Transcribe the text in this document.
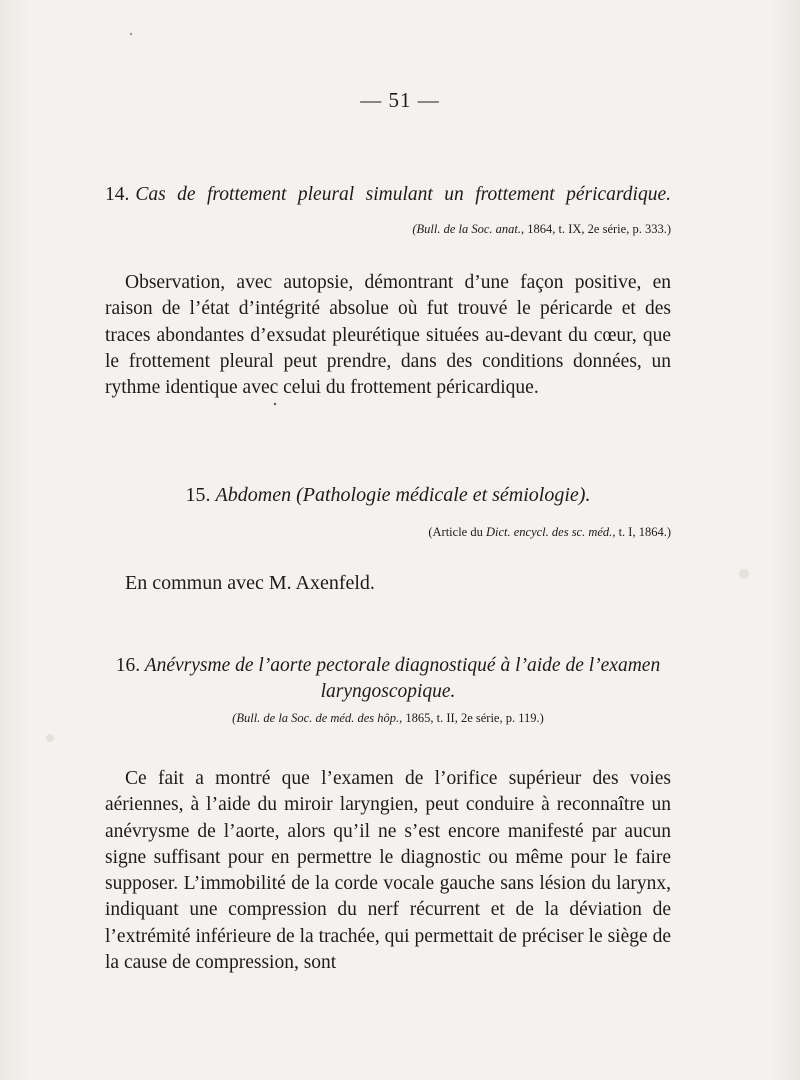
— 51 —
14. Cas de frottement pleural simulant un frottement péricardique.
(Bull. de la Soc. anat., 1864, t. IX, 2e série, p. 333.)
Observation, avec autopsie, démontrant d’une façon positive, en raison de l’état d’intégrité absolue où fut trouvé le péricarde et des traces abondantes d’exsudat pleurétique situées au-devant du cœur, que le frottement pleural peut prendre, dans des conditions données, un rythme identique avec celui du frottement péricardique.
15. Abdomen (Pathologie médicale et sémiologie).
(Article du Dict. encycl. des sc. méd., t. I, 1864.)
En commun avec M. Axenfeld.
16. Anévrysme de l’aorte pectorale diagnostiqué à l’aide de l’examen
laryngoscopique.
(Bull. de la Soc. de méd. des hôp., 1865, t. II, 2e série, p. 119.)
Ce fait a montré que l’examen de l’orifice supérieur des voies aériennes, à l’aide du miroir laryngien, peut conduire à reconnaître un anévrysme de l’aorte, alors qu’il ne s’est encore manifesté par aucun signe suffisant pour en permettre le diagnostic ou même pour le faire supposer. L’immobilité de la corde vocale gauche sans lésion du larynx, indiquant une compression du nerf récurrent et de la déviation de l’extrémité inférieure de la trachée, qui permettait de préciser le siège de la cause de compression, sont
